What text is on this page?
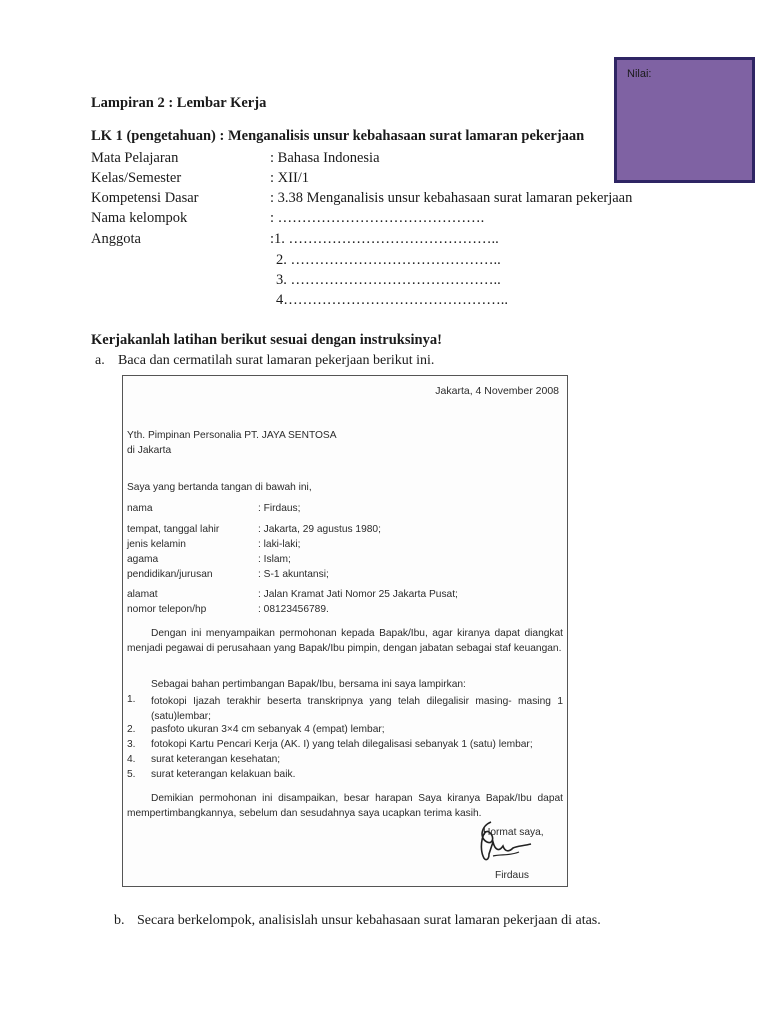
Nilai:
Lampiran 2 : Lembar Kerja
LK 1 (pengetahuan) : Menganalisis unsur kebahasaan surat lamaran pekerjaan
Mata Pelajaran	: Bahasa Indonesia
Kelas/Semester	: XII/1
Kompetensi Dasar	: 3.38 Menganalisis unsur kebahasaan surat lamaran pekerjaan
Nama kelompok	: …………………………………….
Anggota	:1. ……………………………………..
2. ……………………………………..
3. ……………………………………..
4………………………………………..
Kerjakanlah latihan berikut sesuai dengan instruksinya!
a. Baca dan cermatilah surat lamaran pekerjaan berikut ini.
Jakarta, 4 November 2008
Yth. Pimpinan Personalia PT. JAYA SENTOSA
di Jakarta
Saya yang bertanda tangan di bawah ini,
nama	: Firdaus;
tempat, tanggal lahir	: Jakarta, 29 agustus 1980;
jenis kelamin	: laki-laki;
agama	: Islam;
pendidikan/jurusan	: S-1 akuntansi;
alamat	: Jalan Kramat Jati Nomor 25 Jakarta Pusat;
nomor telepon/hp	: 08123456789.
Dengan ini menyampaikan permohonan kepada Bapak/Ibu, agar kiranya dapat diangkat menjadi pegawai di perusahaan yang Bapak/Ibu pimpin, dengan jabatan sebagai staf keuangan.
Sebagai bahan pertimbangan Bapak/Ibu, bersama ini saya lampirkan:
1. fotokopi Ijazah terakhir beserta transkripnya yang telah dilegalisir masing- masing 1 (satu)lembar;
2. pasfoto ukuran 3×4 cm sebanyak 4 (empat) lembar;
3. fotokopi Kartu Pencari Kerja (AK. I) yang telah dilegalisasi sebanyak 1 (satu) lembar;
4. surat keterangan kesehatan;
5. surat keterangan kelakuan baik.
Demikian permohonan ini disampaikan, besar harapan Saya kiranya Bapak/Ibu dapat mempertimbangkannya, sebelum dan sesudahnya saya ucapkan terima kasih.
Hormat saya,
Firdaus
b. Secara berkelompok, analisislah unsur kebahasaan surat lamaran pekerjaan di atas.
